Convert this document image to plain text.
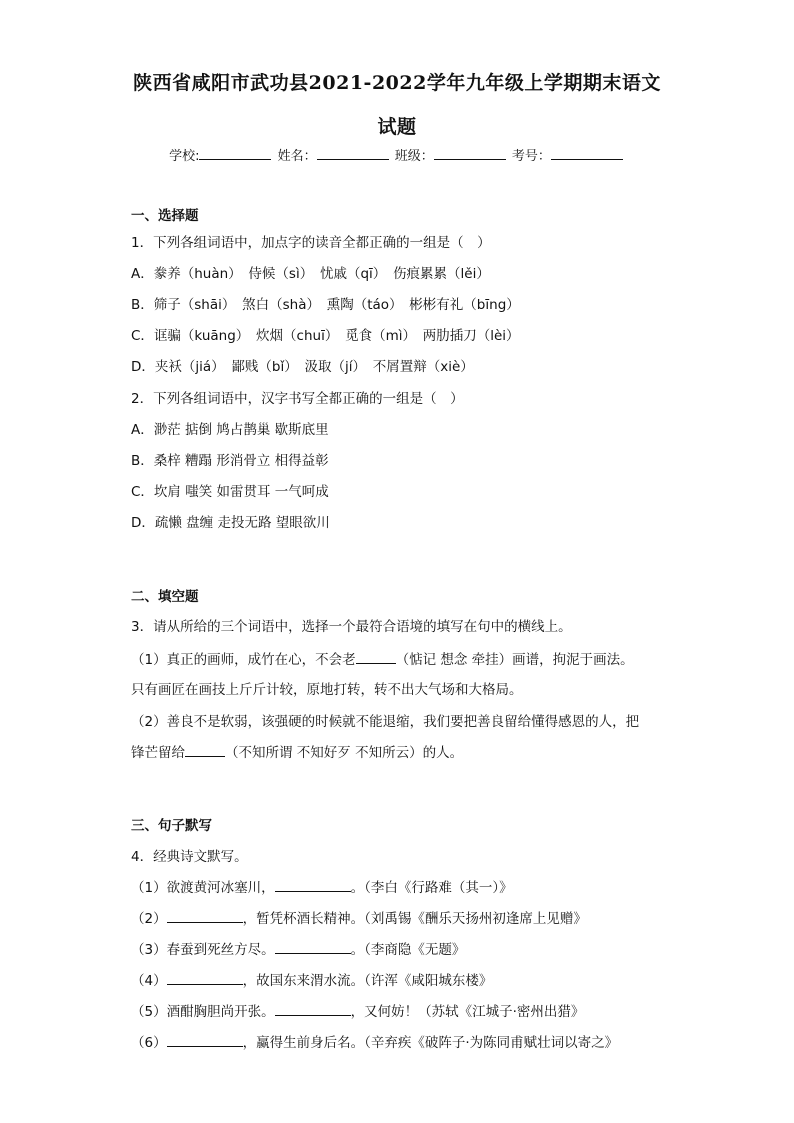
陕西省咸阳市武功县2021-2022学年九年级上学期期末语文
试题
学校:	姓名：	班级：	考号：
一、选择题
1．下列各组词语中，加点字的读音全都正确的一组是（　）
A．豢养（huàn）　侍候（sì）　忧戚（qī）　伤痕累累（lěi）
B．筛子（shāi）　煞白（shà）　熏陶（táo）　彬彬有礼（bīng）
C．诓骗（kuāng）　炊烟（chuī）　觅食（mì）　两肋插刀（lèi）
D．夹袄（jiá）　鄙贱（bǐ）　汲取（jí）　不屑置辩（xiè）
2．下列各组词语中，汉字书写全都正确的一组是（　）
A．渺茫 掂倒 鸠占鹊巢 歇斯底里
B．桑梓 糟蹋 形消骨立 相得益彰
C．坎肩 嗤笑 如雷贯耳 一气呵成
D．疏懒 盘缠 走投无路 望眼欲川
二、填空题
3．请从所给的三个词语中，选择一个最符合语境的填写在句中的横线上。
（1）真正的画师，成竹在心，不会老	（惦记 想念 牵挂）画谱，拘泥于画法。
只有画匠在画技上斤斤计较，原地打转，转不出大气场和大格局。
（2）善良不是软弱，该强硬的时候就不能退缩，我们要把善良留给懂得感恩的人，把
锋芒留给	（不知所谓 不知好歹 不知所云）的人。
三、句子默写
4．经典诗文默写。
（1）欲渡黄河冰塞川，	。（李白《行路难（其一）》
（2）	，暂凭杯酒长精神。（刘禹锡《酬乐天扬州初逢席上见赠》
（3）春蚕到死丝方尽。	。（李商隐《无题》
（4）	，故国东来渭水流。（许浑《咸阳城东楼》
（5）酒酣胸胆尚开张。	，又何妨！（苏轼《江城子·密州出猎》
（6）	，赢得生前身后名。（辛弃疾《破阵子·为陈同甫赋壮词以寄之》
